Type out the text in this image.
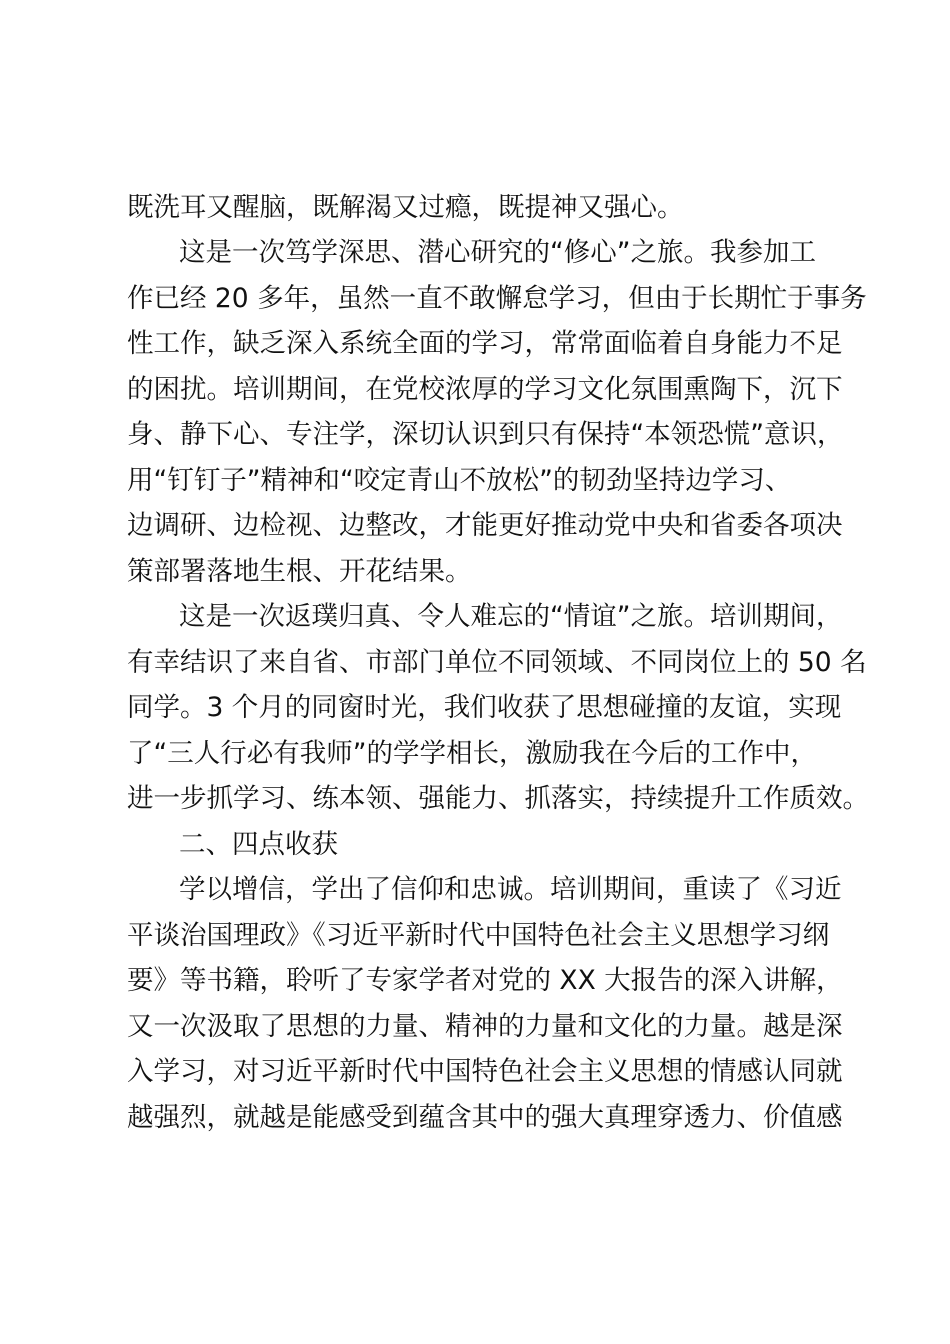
既洗耳又醒脑，既解渴又过瘾，既提神又强心。
这是一次笃学深思、潜心研究的“修心”之旅。我参加工
作已经 20 多年，虽然一直不敢懈怠学习，但由于长期忙于事务
性工作，缺乏深入系统全面的学习，常常面临着自身能力不足
的困扰。培训期间，在党校浓厚的学习文化氛围熏陶下，沉下
身、静下心、专注学，深切认识到只有保持“本领恐慌”意识，
用“钉钉子”精神和“咬定青山不放松”的韧劲坚持边学习、
边调研、边检视、边整改，才能更好推动党中央和省委各项决
策部署落地生根、开花结果。
这是一次返璞归真、令人难忘的“情谊”之旅。培训期间，
有幸结识了来自省、市部门单位不同领域、不同岗位上的 50 名
同学。3 个月的同窗时光，我们收获了思想碰撞的友谊，实现
了“三人行必有我师”的学学相长，激励我在今后的工作中，
进一步抓学习、练本领、强能力、抓落实，持续提升工作质效。
二、四点收获
学以增信，学出了信仰和忠诚。培训期间，重读了《习近
平谈治国理政》《习近平新时代中国特色社会主义思想学习纲
要》等书籍，聆听了专家学者对党的 XX 大报告的深入讲解，
又一次汲取了思想的力量、精神的力量和文化的力量。越是深
入学习，对习近平新时代中国特色社会主义思想的情感认同就
越强烈，就越是能感受到蕴含其中的强大真理穿透力、价值感
